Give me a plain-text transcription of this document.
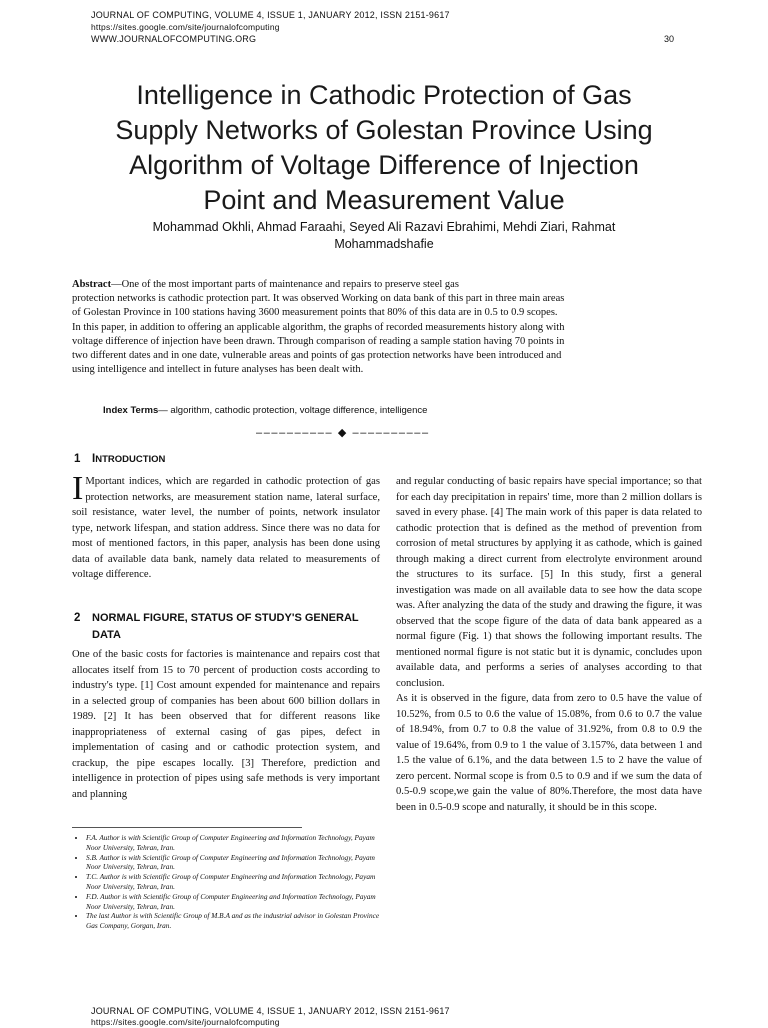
JOURNAL OF COMPUTING, VOLUME 4, ISSUE 1, JANUARY 2012, ISSN 2151-9617
https://sites.google.com/site/journalofcomputing
WWW.JOURNALOFCOMPUTING.ORG	30
Intelligence in Cathodic Protection of Gas
Supply Networks of Golestan Province Using
Algorithm of Voltage Difference of Injection
Point and Measurement Value
Mohammad Okhli, Ahmad Faraahi, Seyed Ali Razavi Ebrahimi, Mehdi Ziari, Rahmat
Mohammadshafie
Abstract—One of the most important parts of maintenance and repairs to preserve steel gas
protection networks is cathodic protection part. It was observed Working on data bank of this part in three main areas
of Golestan Province in 100 stations having 3600 measurement points that 80% of this data are in 0.5 to 0.9 scopes.
In this paper, in addition to offering an applicable algorithm, the graphs of recorded measurements history along with
voltage difference of injection have been drawn. Through comparison of reading a sample station having 70 points in
two different dates and in one date, vulnerable areas and points of gas protection networks have been introduced and
using intelligence and intellect in future analyses has been dealt with.
Index Terms— algorithm, cathodic protection, voltage difference, intelligence
–––––––––– ◆ ––––––––––
1 INTRODUCTION

I Mportant indices, which are regarded in cathodic protection of gas protection networks, are measurement station name, lateral surface, soil resistance, water level, the number of points, network insulator type, network lifespan, and station address. Since there was no data for most of mentioned factors, in this paper, analysis has been done using data of available data bank, namely data related to measurements of voltage difference.

2 NORMAL FIGURE, STATUS OF STUDY'S GENERAL
DATA

One of the basic costs for factories is maintenance and repairs cost that allocates itself from 15 to 70 percent of production costs according to industry's type. [1] Cost amount expended for maintenance and repairs in a selected group of companies has been about 600 billion dollars in 1989. [2] It has been observed that for different reasons like inappropriateness of external casing of gas pipes, defect in implementation of casing and or cathodic protection system, and crackup, the pipe escapes locally. [3] Therefore, prediction and intelligence in protection of pipes using safe methods is very important and planning

and regular conducting of basic repairs have special importance; so that for each day precipitation in repairs' time, more than 2 million dollars is saved in every phase. [4] The main work of this paper is data related to cathodic protection that is defined as the method of prevention from corrosion of metal structures by applying it as cathode, which is gained through making a direct current from electrolyte environment around the structures to its surface. [5] In this study, first a general investigation was made on all available data to see how the data scope was. After analyzing the data of the study and drawing the figure, it was observed that the scope figure of the data of data bank appeared as a normal figure (Fig. 1) that shows the following important results. The mentioned normal figure is not static but it is dynamic, concludes upon available data, and performs a series of analyses according to that conclusion.

As it is observed in the figure, data from zero to 0.5 have the value of 10.52%, from 0.5 to 0.6 the value of 15.08%, from 0.6 to 0.7 the value of 18.94%, from 0.7 to 0.8 the value of 31.92%, from 0.8 to 0.9 the value of 19.64%, from 0.9 to 1 the value of 3.157%, data between 1 and 1.5 the value of 6.1%, and the data between 1.5 to 2 have the value of zero percent. Normal scope is from 0.5 to 0.9 and if we sum the data of 0.5-0.9 scope,we gain the value of 80%.Therefore, the most data have been in 0.5-0.9 scope and naturally, it should be in this scope.

• F.A. Author is with Scientific Group of Computer Engineering and Information Technology, Payam Noor University, Tehran, Iran.
• S.B. Author is with Scientific Group of Computer Engineering and Information Technology, Payam Noor University, Tehran, Iran.
• T.C. Author is with Scientific Group of Computer Engineering and Information Technology, Payam Noor University, Tehran, Iran.
• F.D. Author is with Scientific Group of Computer Engineering and Information Technology, Payam Noor University, Tehran, Iran.
• The last Author is with Scientific Group of M.B.A and as the industrial advisor in Golestan Province Gas Company, Gorgan, Iran.
JOURNAL OF COMPUTING, VOLUME 4, ISSUE 1, JANUARY 2012, ISSN 2151-9617
https://sites.google.com/site/journalofcomputing
